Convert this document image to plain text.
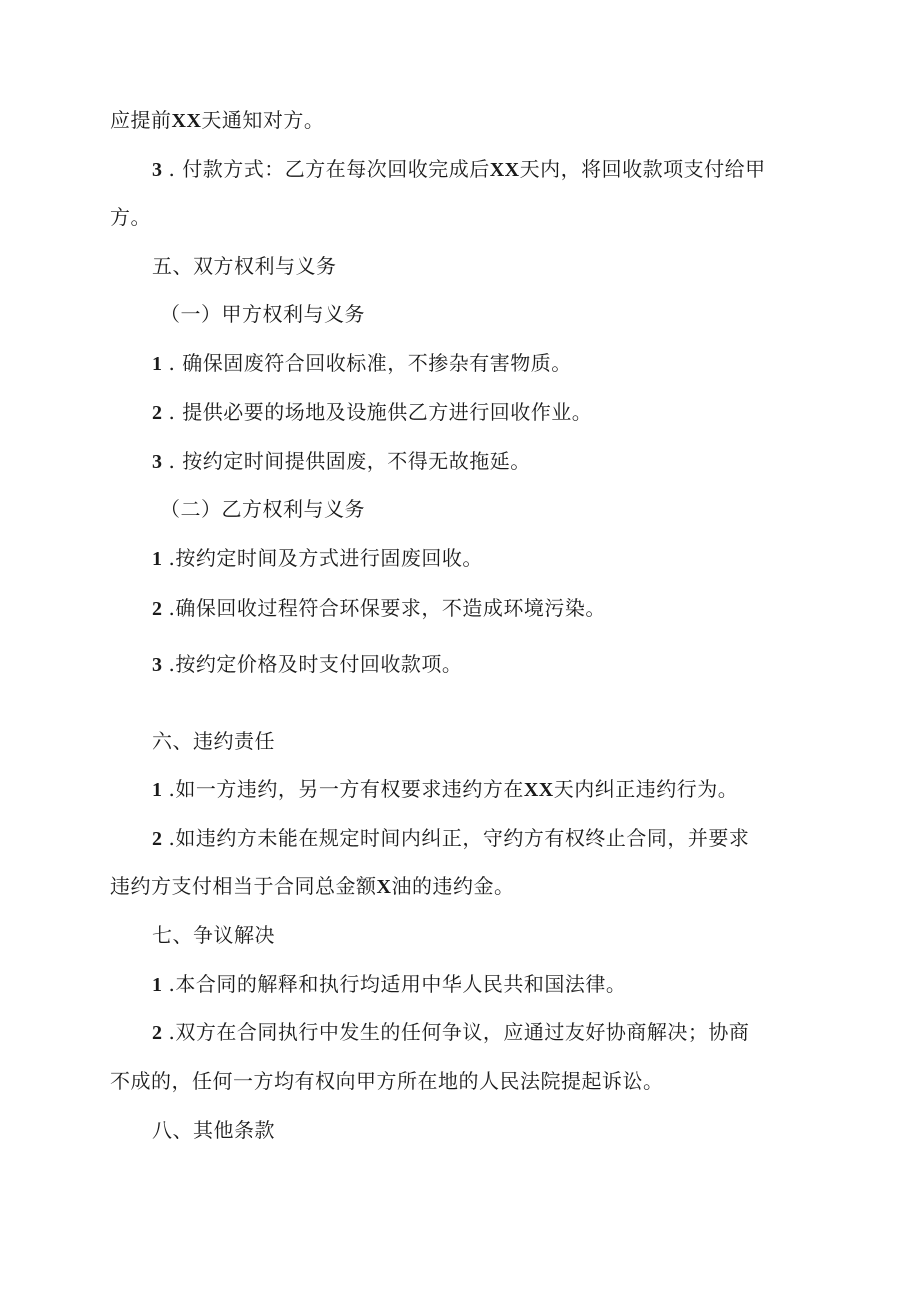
应提前XX天通知对方。
3 . 付款方式：乙方在每次回收完成后XX天内，将回收款项支付给甲
方。
五、双方权利与义务
（一）甲方权利与义务
1 . 确保固废符合回收标准，不掺杂有害物质。
2 . 提供必要的场地及设施供乙方进行回收作业。
3 . 按约定时间提供固废，不得无故拖延。
（二）乙方权利与义务
1 .按约定时间及方式进行固废回收。
2 .确保回收过程符合环保要求，不造成环境污染。
3 .按约定价格及时支付回收款项。
六、违约责任
1 .如一方违约，另一方有权要求违约方在XX天内纠正违约行为。
2 .如违约方未能在规定时间内纠正，守约方有权终止合同，并要求
违约方支付相当于合同总金额X油的违约金。
七、争议解决
1 .本合同的解释和执行均适用中华人民共和国法律。
2 .双方在合同执行中发生的任何争议，应通过友好协商解决；协商
不成的，任何一方均有权向甲方所在地的人民法院提起诉讼。
八、其他条款
